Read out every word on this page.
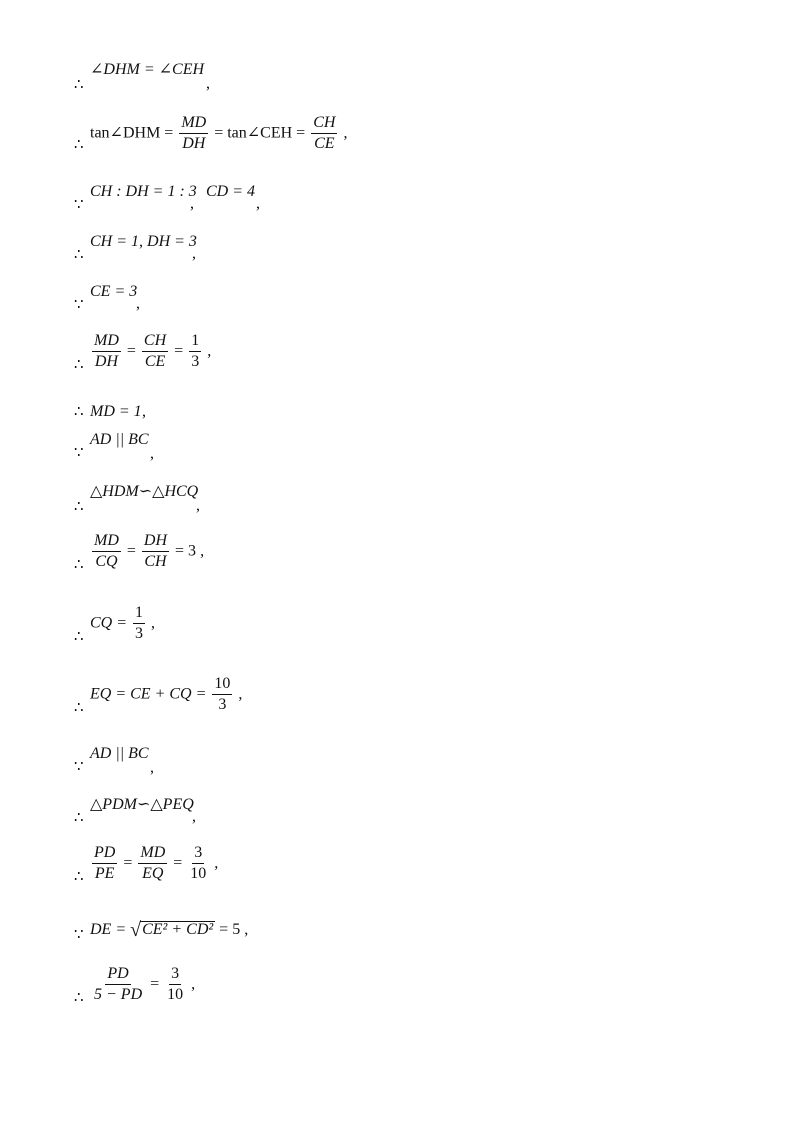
∴
∠DHM = ∠CEH
,
∴
tan∠DHM = $\frac{MD}{DH}$ = tan∠CEH = $\frac{CH}{CE}$ ,
∵
CH : DH = 1 : 3
,
CD = 4
,
∴
CH = 1, DH = 3
,
∵
CE = 3
,
∴ $\frac{MD}{DH} = \frac{CH}{CE} = \frac{1}{3}$ ,
∴ MD = 1 ,
∵
AD || BC
,
∴
△HDM∽△HCQ
,
∴ $\frac{MD}{CQ} = \frac{DH}{CH} = 3$ ,
∴
CQ = $\frac{1}{3}$ ,
∴
EQ = CE + CQ = $\frac{10}{3}$ ,
∵
AD || BC
,
∴
△PDM∽△PEQ
,
∴ $\frac{PD}{PE} = \frac{MD}{EQ} = \frac{3}{10}$ ,
∵ DE = √CE² + CD² = 5 ,
∴ $\frac{PD}{5 - PD} = \frac{3}{10}$ ,
